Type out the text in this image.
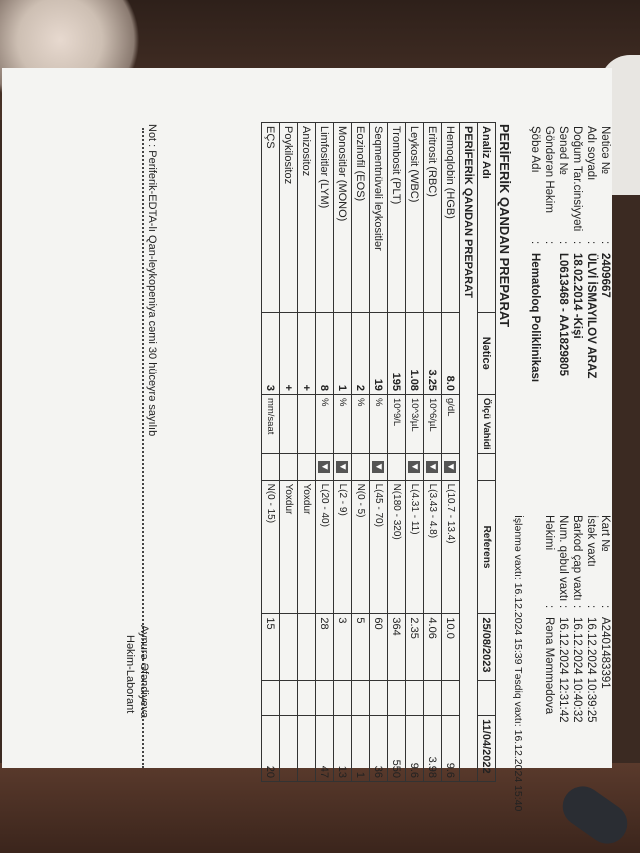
Nəticə №
:
2409667
Adı soyadı
:
ÜLVİ İSMAYILOV ARAZ
Doğum Tar.cinsiyyəti
:
18.02.2014 -Kişi
Sənəd №
:
L0613468 - AA1829805
Göndərən Həkim
:
Şöbə Adı
:
Hematoloq Poliklinikası
Kart №
:
A2401483391
İstək vaxtı
:
16.12.2024 10:39:25
Barkod çap vaxtı
:
16.12.2024 10:40:32
Num. qəbul vaxtı
:
16.12.2024 12:31:42
Həkimi
:
Rəna Məmmədova
İşlənmə vaxtı: 16.12.2024 15:39 Təsdiq vaxtı: 16.12.2024 15:40
PERİFERİK QANDAN PREPARAT
Analiz Adı	Nəticə	Ölçü Vahidi		Referens	25/08/2023		11/04/2022
PERİFERİK QANDAN PREPARAT							
Hemoqlobin (HGB)	8.0	g/dL	▼	L(10.7 - 13.4)	10.0		9.6
Eritrosit (RBC)	3.25	10^6/µL	▼	L(3.43 - 4.8)	4.06		3.98
Leykosit (WBC)	1.08	10^3/µL	▼	L(4.31 - 11)	2.35		9.6
Trombosit (PLT)	195	10^9/L		N(180 - 320)	364		550
Seqmentnüvəli leykositlər	19	%	▼	L(45 - 70)	60		36
Eozinofil (EOS)	2	%		N(0 - 5)	5		1
Monositlər (MONO)	1	%	▼	L(2 - 9)	3		13
Limfositlər (LYM)	8	%	▼	L(20 - 40)	28		47
Anizositoz	+			Yoxdur			
Poykilositoz	+			Yoxdur			
EÇS	3	mm/saat		N(0 - 15)	15		20
Not : Periferik-EDTA-lı Qan-leykopeniya cəmi 30 hüceyrə sayılıb
Aynurə Əfəndiyeva
Həkim-Laborant
